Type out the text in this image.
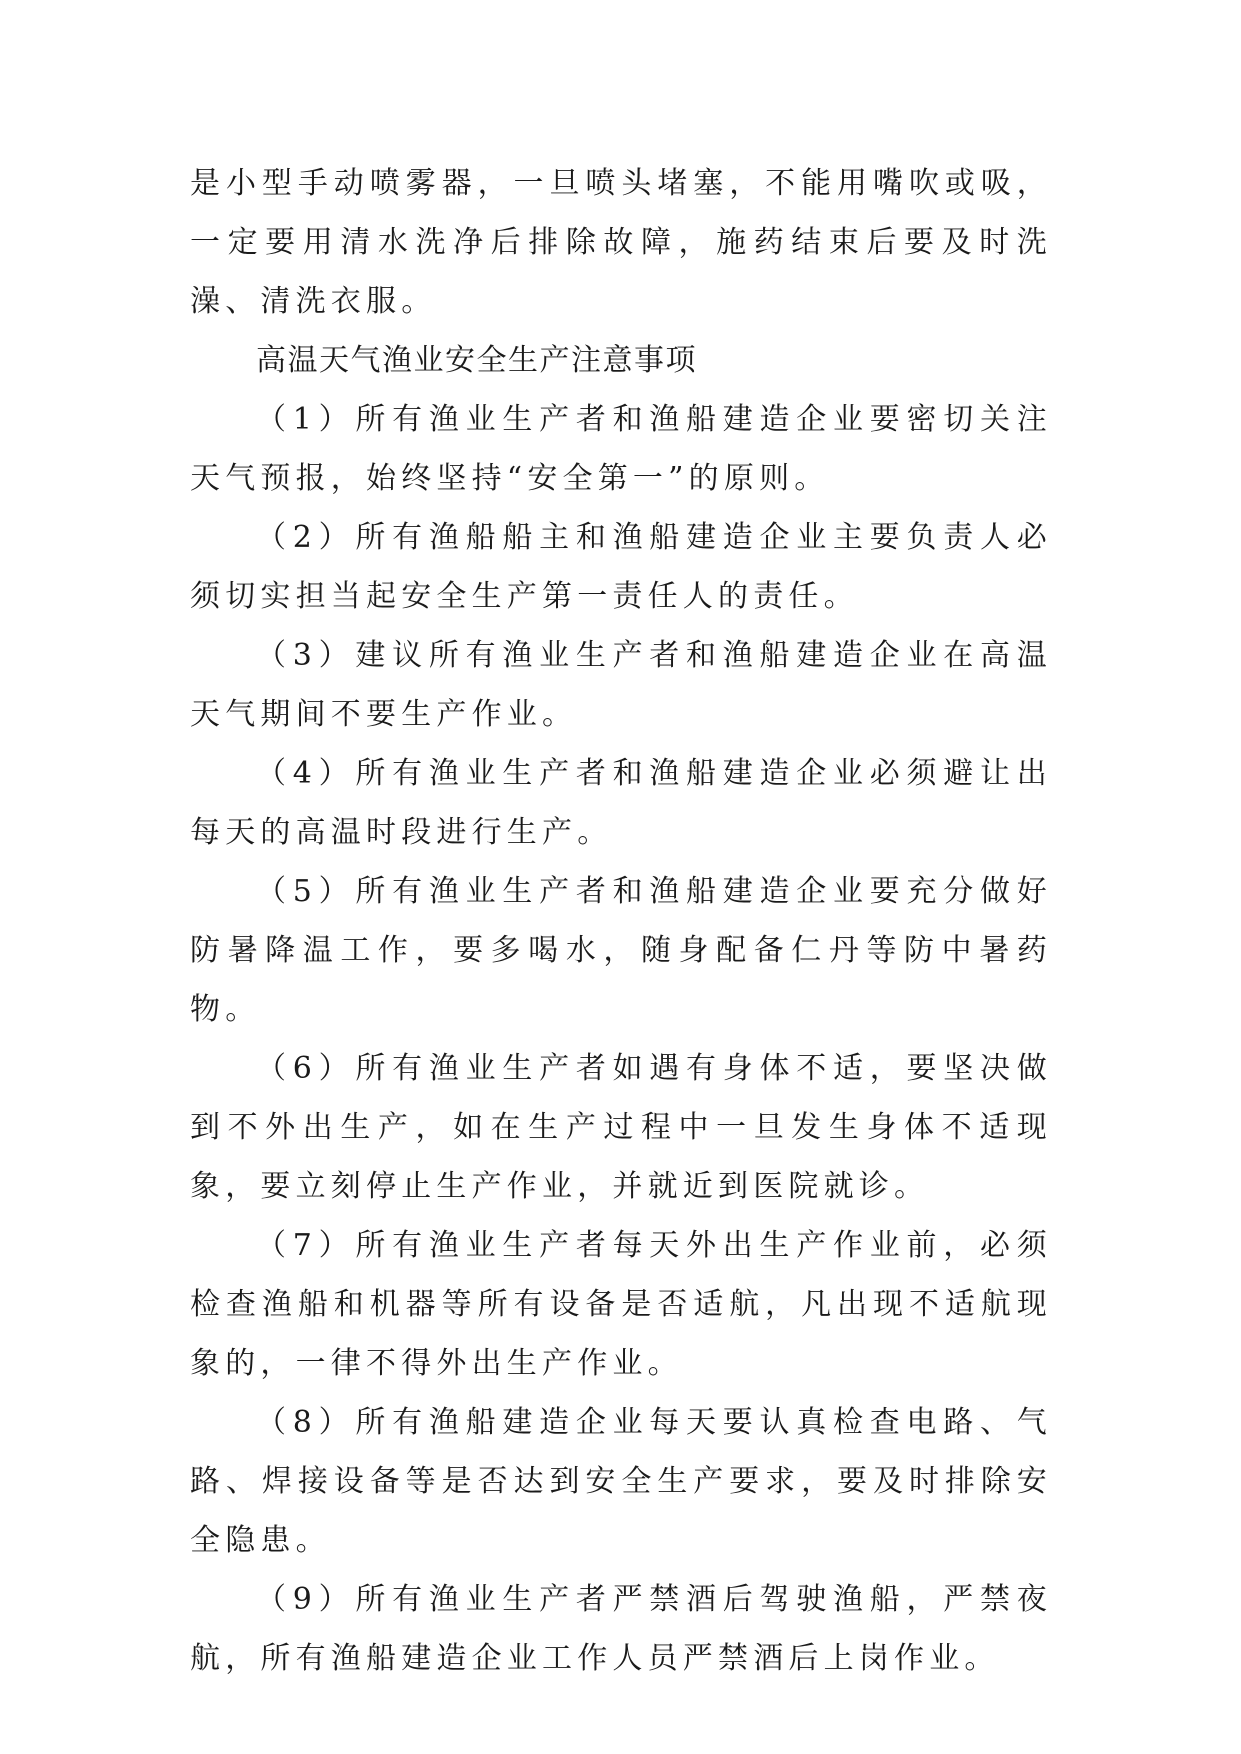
是小型手动喷雾器，一旦喷头堵塞，不能用嘴吹或吸，一定要用清水洗净后排除故障，施药结束后要及时洗澡、清洗衣服。

高温天气渔业安全生产注意事项

（1）所有渔业生产者和渔船建造企业要密切关注天气预报，始终坚持“安全第一”的原则。

（2）所有渔船船主和渔船建造企业主要负责人必须切实担当起安全生产第一责任人的责任。

（3）建议所有渔业生产者和渔船建造企业在高温天气期间不要生产作业。

（4）所有渔业生产者和渔船建造企业必须避让出每天的高温时段进行生产。

（5）所有渔业生产者和渔船建造企业要充分做好防暑降温工作，要多喝水，随身配备仁丹等防中暑药物。

（6）所有渔业生产者如遇有身体不适，要坚决做到不外出生产，如在生产过程中一旦发生身体不适现象，要立刻停止生产作业，并就近到医院就诊。

（7）所有渔业生产者每天外出生产作业前，必须检查渔船和机器等所有设备是否适航，凡出现不适航现象的，一律不得外出生产作业。

（8）所有渔船建造企业每天要认真检查电路、气路、焊接设备等是否达到安全生产要求，要及时排除安全隐患。

（9）所有渔业生产者严禁酒后驾驶渔船，严禁夜航，所有渔船建造企业工作人员严禁酒后上岗作业。
